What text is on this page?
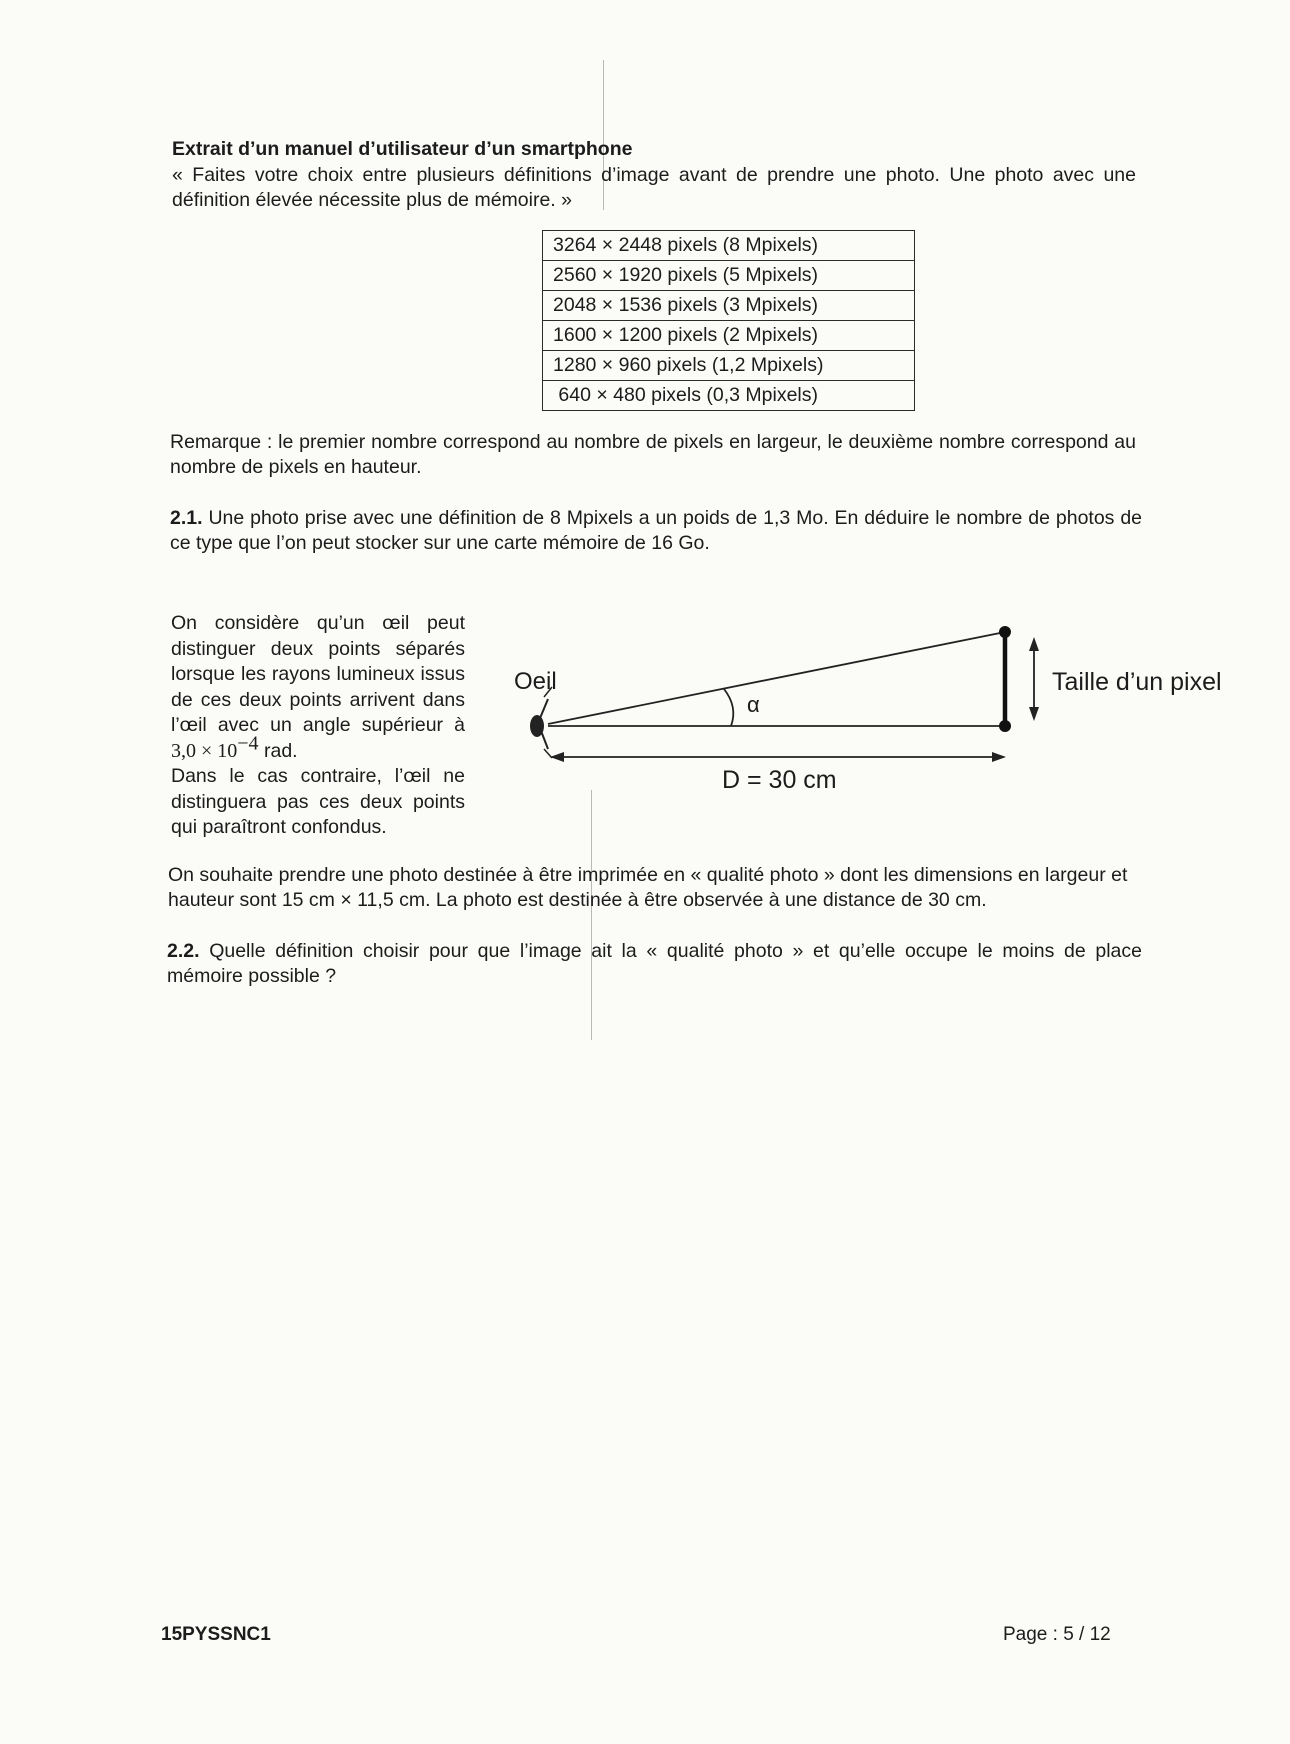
Extrait d’un manuel d’utilisateur d’un smartphone
« Faites votre choix entre plusieurs définitions d’image avant de prendre une photo. Une photo avec une définition élevée nécessite plus de mémoire. »
3264 × 2448 pixels (8 Mpixels)
2560 × 1920 pixels (5 Mpixels)
2048 × 1536 pixels (3 Mpixels)
1600 × 1200 pixels (2 Mpixels)
1280 × 960 pixels (1,2 Mpixels)
640 × 480 pixels (0,3 Mpixels)
Remarque : le premier nombre correspond au nombre de pixels en largeur, le deuxième nombre correspond au nombre de pixels en hauteur.
2.1. Une photo prise avec une définition de 8 Mpixels a un poids de 1,3 Mo. En déduire le nombre de photos de ce type que l’on peut stocker sur une carte mémoire de 16 Go.

On considère qu’un œil peut distinguer deux points séparés lorsque les rayons lumineux issus de ces deux points arrivent dans l’œil avec un angle supérieur à $3,0 \times 10^{-4}$ rad.

Dans le cas contraire, l’œil ne distinguera pas ces deux points qui paraîtront confondus.

Oeil
α
Taille d’un pixel
D = 30 cm
On souhaite prendre une photo destinée à être imprimée en « qualité photo » dont les dimensions en largeur et hauteur sont 15 cm × 11,5 cm. La photo est destinée à être observée à une distance de 30 cm.
2.2. Quelle définition choisir pour que l’image ait la « qualité photo » et qu’elle occupe le moins de place mémoire possible ?
15PYSSNC1	Page : 5 / 12
